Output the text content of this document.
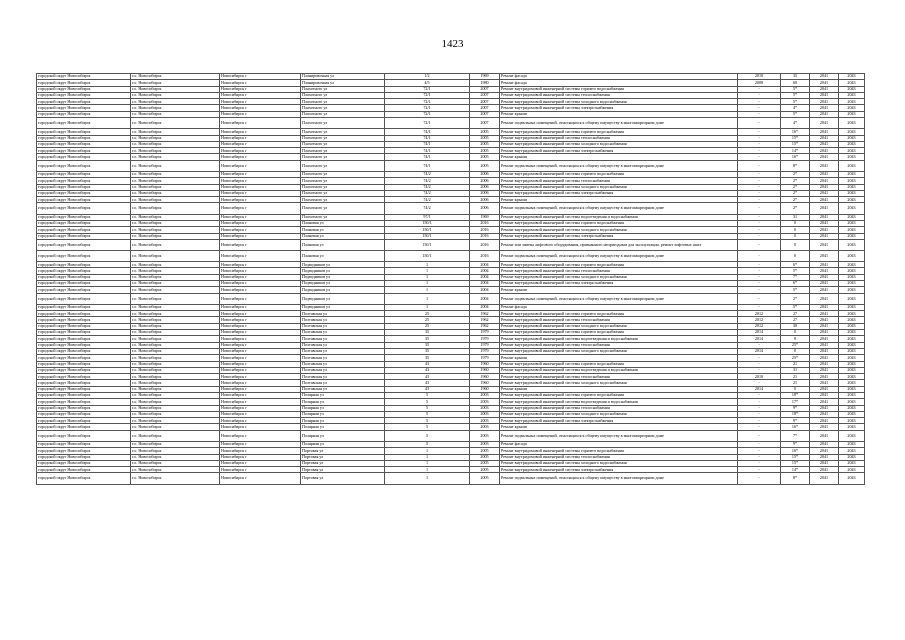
1423
городской округ Новосибирск	г.о. Новосибирск	Новосибирск г	Планировочная ул	1/2	1969	Ремонт фасада	2010	35	2041	2043
городской округ Новосибирск	г.о. Новосибирск	Новосибирск г	Планировочная ул	4/5	1980	Ремонт фасада	2008	60	2041	2043
городской округ Новосибирск	г.о. Новосибирск	Новосибирск г	Плахотного ул	72/1	2007	Ремонт внутридомовой инженерной системы горячего водоснабжения	-	5*	2041	2043
городской округ Новосибирск	г.о. Новосибирск	Новосибирск г	Плахотного ул	72/1	2007	Ремонт внутридомовой инженерной системы теплоснабжения	-	5*	2041	2043
городской округ Новосибирск	г.о. Новосибирск	Новосибирск г	Плахотного ул	72/1	2007	Ремонт внутридомовой инженерной системы холодного водоснабжения	-	5*	2041	2043
городской округ Новосибирск	г.о. Новосибирск	Новосибирск г	Плахотного ул	72/1	2007	Ремонт внутридомовой инженерной системы электроснабжения	-	4*	2041	2043
городской округ Новосибирск	г.о. Новосибирск	Новосибирск г	Плахотного ул	72/1	2007	Ремонт крыши	-	5*	2041	2043
городской округ Новосибирск	г.о. Новосибирск	Новосибирск г	Плахотного ул	72/1	2007	Ремонт подвальных помещений, относящихся к общему имуществу в многоквартирном доме	-	4*	2041	2043
городской округ Новосибирск	г.о. Новосибирск	Новосибирск г	Плахотного ул	74/1	2005	Ремонт внутридомовой инженерной системы горячего водоснабжения	-	16*	2041	2043
городской округ Новосибирск	г.о. Новосибирск	Новосибирск г	Плахотного ул	74/1	2005	Ремонт внутридомовой инженерной системы теплоснабжения	-	15*	2041	2043
городской округ Новосибирск	г.о. Новосибирск	Новосибирск г	Плахотного ул	74/1	2005	Ремонт внутридомовой инженерной системы холодного водоснабжения	-	15*	2041	2043
городской округ Новосибирск	г.о. Новосибирск	Новосибирск г	Плахотного ул	74/1	2005	Ремонт внутридомовой инженерной системы электроснабжения	-	14*	2041	2043
городской округ Новосибирск	г.о. Новосибирск	Новосибирск г	Плахотного ул	74/1	2005	Ремонт крыши	-	16*	2041	2043
городской округ Новосибирск	г.о. Новосибирск	Новосибирск г	Плахотного ул	74/1	2005	Ремонт подвальных помещений, относящихся к общему имуществу в многоквартирном доме	-	8*	2041	2043
городской округ Новосибирск	г.о. Новосибирск	Новосибирск г	Плахотного ул	74/2	2006	Ремонт внутридомовой инженерной системы горячего водоснабжения	-	2*	2041	2043
городской округ Новосибирск	г.о. Новосибирск	Новосибирск г	Плахотного ул	74/2	2006	Ремонт внутридомовой инженерной системы теплоснабжения	-	2*	2041	2043
городской округ Новосибирск	г.о. Новосибирск	Новосибирск г	Плахотного ул	74/2	2006	Ремонт внутридомовой инженерной системы холодного водоснабжения	-	2*	2041	2043
городской округ Новосибирск	г.о. Новосибирск	Новосибирск г	Плахотного ул	74/2	2006	Ремонт внутридомовой инженерной системы электроснабжения	-	2*	2041	2043
городской округ Новосибирск	г.о. Новосибирск	Новосибирск г	Плахотного ул	74/2	2006	Ремонт крыши	-	2*	2041	2043
городской округ Новосибирск	г.о. Новосибирск	Новосибирск г	Плахотного ул	74/2	2006	Ремонт подвальных помещений, относящихся к общему имуществу в многоквартирном доме	-	2*	2041	2043
городской округ Новосибирск	г.о. Новосибирск	Новосибирск г	Плахотного ул	97/1	1969	Ремонт внутридомовой инженерной системы водоотведения и водоснабжения	-	31	2041	2043
городской округ Новосибирск	г.о. Новосибирск	Новосибирск г	Плановая ул	150/1	2016	Ремонт внутридомовой инженерной системы горячего водоснабжения	-	0	2041	2043
городской округ Новосибирск	г.о. Новосибирск	Новосибирск г	Плановая ул	150/1	2016	Ремонт внутридомовой инженерной системы холодного водоснабжения	-	0	2041	2043
городской округ Новосибирск	г.о. Новосибирск	Новосибирск г	Плановая ул	150/1	2016	Ремонт внутридомовой инженерной системы электроснабжения	-	0	2041	2043
городской округ Новосибирск	г.о. Новосибирск	Новосибирск г	Плановая ул	150/1	2016	Ремонт или замена лифтового оборудования, признанного непригодным для эксплуатации, ремонт лифтовых шахт	-	0	2041	2043
городской округ Новосибирск	г.о. Новосибирск	Новосибирск г	Плановая ул	150/1	2016	Ремонт подвальных помещений, относящихся к общему имуществу в многоквартирном доме	-	0	2041	2043
городской округ Новосибирск	г.о. Новосибирск	Новосибирск г	Подводников ул	1	2004	Ремонт внутридомовой инженерной системы горячего водоснабжения	-	6*	2041	2043
городской округ Новосибирск	г.о. Новосибирск	Новосибирск г	Подводников ул	1	2004	Ремонт внутридомовой инженерной системы теплоснабжения	-	5*	2041	2043
городской округ Новосибирск	г.о. Новосибирск	Новосибирск г	Подводников ул	1	2004	Ремонт внутридомовой инженерной системы холодного водоснабжения	-	7*	2041	2043
городской округ Новосибирск	г.о. Новосибирск	Новосибирск г	Подводников ул	1	2004	Ремонт внутридомовой инженерной системы электроснабжения	-	6*	2041	2043
городской округ Новосибирск	г.о. Новосибирск	Новосибирск г	Подводников ул	1	2004	Ремонт крыши	-	5*	2041	2043
городской округ Новосибирск	г.о. Новосибирск	Новосибирск г	Подводников ул	1	2004	Ремонт подвальных помещений, относящихся к общему имуществу в многоквартирном доме	-	2*	2041	2043
городской округ Новосибирск	г.о. Новосибирск	Новосибирск г	Подводников ул	1	2004	Ремонт фасада	-	5*	2041	2043
городской округ Новосибирск	г.о. Новосибирск	Новосибирск г	Полтавская ул	25	1962	Ремонт внутридомовой инженерной системы горячего водоснабжения	2012	27	2041	2043
городской округ Новосибирск	г.о. Новосибирск	Новосибирск г	Полтавская ул	25	1962	Ремонт внутридомовой инженерной системы теплоснабжения	2012	27	2041	2043
городской округ Новосибирск	г.о. Новосибирск	Новосибирск г	Полтавская ул	25	1962	Ремонт внутридомовой инженерной системы холодного водоснабжения	2012	30	2041	2043
городской округ Новосибирск	г.о. Новосибирск	Новосибирск г	Полтавская ул	35	1979	Ремонт внутридомовой инженерной системы горячего водоснабжения	2014	0	2041	2043
городской округ Новосибирск	г.о. Новосибирск	Новосибирск г	Полтавская ул	35	1979	Ремонт внутридомовой инженерной системы водоотведения и водоснабжения	2014	0	2041	2043
городской округ Новосибирск	г.о. Новосибирск	Новосибирск г	Полтавская ул	35	1979	Ремонт внутридомовой инженерной системы теплоснабжения	-	25*	2041	2043
городской округ Новосибирск	г.о. Новосибирск	Новосибирск г	Полтавская ул	35	1979	Ремонт внутридомовой инженерной системы холодного водоснабжения	2014	0	2041	2043
городской округ Новосибирск	г.о. Новосибирск	Новосибирск г	Полтавская ул	35	1979	Ремонт крыши	-	25*	2041	2043
городской округ Новосибирск	г.о. Новосибирск	Новосибирск г	Полтавская ул	43	1960	Ремонт внутридомовой инженерной системы горячего водоснабжения	-	21	2041	2043
городской округ Новосибирск	г.о. Новосибирск	Новосибирск г	Полтавская ул	43	1960	Ремонт внутридомовой инженерной системы водоотведения и водоснабжения	-	31	2041	2043
городской округ Новосибирск	г.о. Новосибирск	Новосибирск г	Полтавская ул	43	1960	Ремонт внутридомовой инженерной системы теплоснабжения	2010	21	2041	2043
городской округ Новосибирск	г.о. Новосибирск	Новосибирск г	Полтавская ул	43	1960	Ремонт внутридомовой инженерной системы холодного водоснабжения	-	21	2041	2043
городской округ Новосибирск	г.о. Новосибирск	Новосибирск г	Полтавская ул	43	1960	Ремонт крыши	2014	0	2041	2043
городской округ Новосибирск	г.о. Новосибирск	Новосибирск г	Полярная ул	5	2003	Ремонт внутридомовой инженерной системы горячего водоснабжения	-	18*	2041	2043
городской округ Новосибирск	г.о. Новосибирск	Новосибирск г	Полярная ул	5	2003	Ремонт внутридомовой инженерной системы водоотведения и водоснабжения	-	17*	2041	2043
городской округ Новосибирск	г.о. Новосибирск	Новосибирск г	Полярная ул	5	2003	Ремонт внутридомовой инженерной системы теплоснабжения	-	9*	2041	2043
городской округ Новосибирск	г.о. Новосибирск	Новосибирск г	Полярная ул	5	2003	Ремонт внутридомовой инженерной системы холодного водоснабжения	-	18*	2041	2043
городской округ Новосибирск	г.о. Новосибирск	Новосибирск г	Полярная ул	5	2003	Ремонт внутридомовой инженерной системы электроснабжения	-	9*	2041	2043
городской округ Новосибирск	г.о. Новосибирск	Новосибирск г	Полярная ул	5	2003	Ремонт крыши	-	16*	2041	2043
городской округ Новосибирск	г.о. Новосибирск	Новосибирск г	Полярная ул	5	2003	Ремонт подвальных помещений, относящихся к общему имуществу в многоквартирном доме	-	7*	2041	2043
городской округ Новосибирск	г.о. Новосибирск	Новосибирск г	Полярная ул	5	2003	Ремонт фасада	-	9*	2041	2043
городской округ Новосибирск	г.о. Новосибирск	Новосибирск г	Портовая ул	1	2005	Ремонт внутридомовой инженерной системы горячего водоснабжения	-	16*	2041	2043
городской округ Новосибирск	г.о. Новосибирск	Новосибирск г	Портовая ул	1	2005	Ремонт внутридомовой инженерной системы теплоснабжения	-	15*	2041	2043
городской округ Новосибирск	г.о. Новосибирск	Новосибирск г	Портовая ул	1	2005	Ремонт внутридомовой инженерной системы холодного водоснабжения	-	15*	2041	2043
городской округ Новосибирск	г.о. Новосибирск	Новосибирск г	Портовая ул	1	2005	Ремонт внутридомовой инженерной системы электроснабжения	-	14*	2041	2043
городской округ Новосибирск	г.о. Новосибирск	Новосибирск г	Портовая ул	1	2005	Ремонт подвальных помещений, относящихся к общему имуществу в многоквартирном доме	-	8*	2041	2043
